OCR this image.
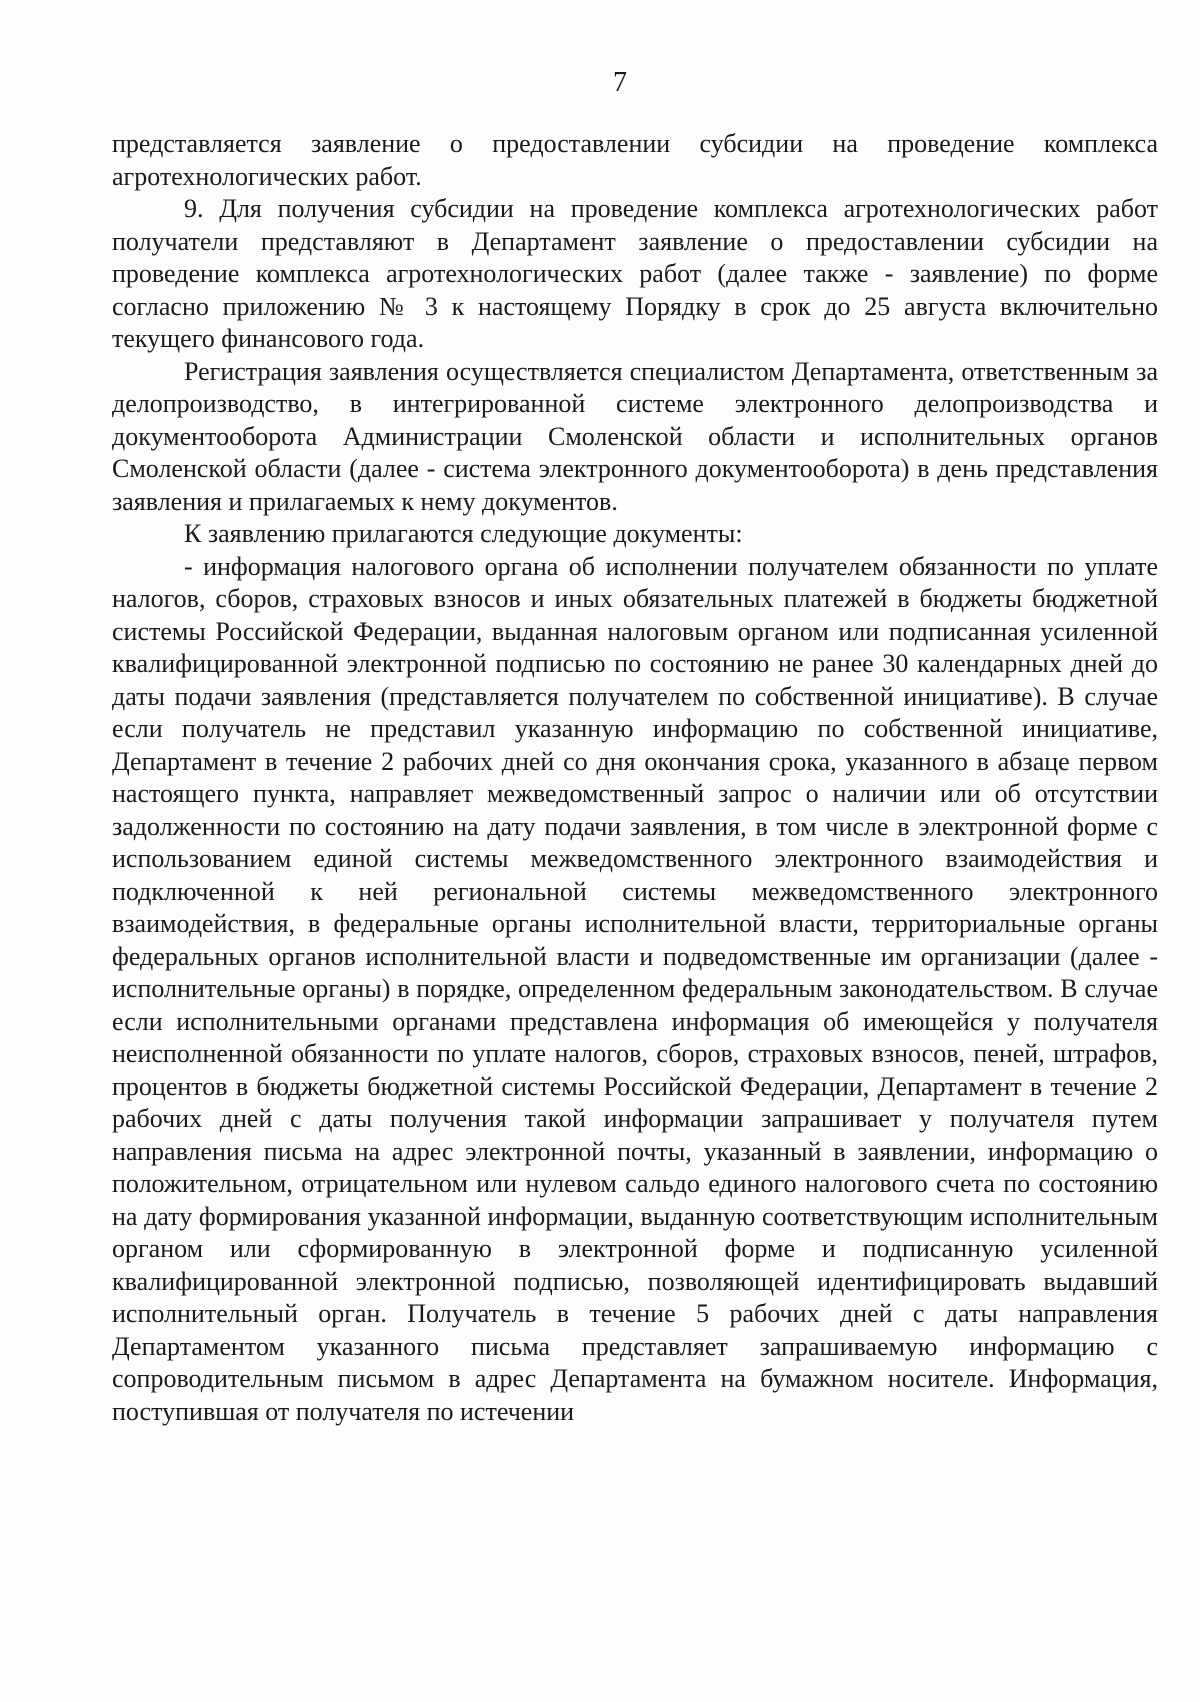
7

представляется заявление о предоставлении субсидии на проведение комплекса агротехнологических работ.

9. Для получения субсидии на проведение комплекса агротехнологических работ получатели представляют в Департамент заявление о предоставлении субсидии на проведение комплекса агротехнологических работ (далее также - заявление) по форме согласно приложению № 3 к настоящему Порядку в срок до 25 августа включительно текущего финансового года.

Регистрация заявления осуществляется специалистом Департамента, ответственным за делопроизводство, в интегрированной системе электронного делопроизводства и документооборота Администрации Смоленской области и исполнительных органов Смоленской области (далее - система электронного документооборота) в день представления заявления и прилагаемых к нему документов.

К заявлению прилагаются следующие документы:

- информация налогового органа об исполнении получателем обязанности по уплате налогов, сборов, страховых взносов и иных обязательных платежей в бюджеты бюджетной системы Российской Федерации, выданная налоговым органом или подписанная усиленной квалифицированной электронной подписью по состоянию не ранее 30 календарных дней до даты подачи заявления (представляется получателем по собственной инициативе). В случае если получатель не представил указанную информацию по собственной инициативе, Департамент в течение 2 рабочих дней со дня окончания срока, указанного в абзаце первом настоящего пункта, направляет межведомственный запрос о наличии или об отсутствии задолженности по состоянию на дату подачи заявления, в том числе в электронной форме с использованием единой системы межведомственного электронного взаимодействия и подключенной к ней региональной системы межведомственного электронного взаимодействия, в федеральные органы исполнительной власти, территориальные органы федеральных органов исполнительной власти и подведомственные им организации (далее - исполнительные органы) в порядке, определенном федеральным законодательством. В случае если исполнительными органами представлена информация об имеющейся у получателя неисполненной обязанности по уплате налогов, сборов, страховых взносов, пеней, штрафов, процентов в бюджеты бюджетной системы Российской Федерации, Департамент в течение 2 рабочих дней с даты получения такой информации запрашивает у получателя путем направления письма на адрес электронной почты, указанный в заявлении, информацию о положительном, отрицательном или нулевом сальдо единого налогового счета по состоянию на дату формирования указанной информации, выданную соответствующим исполнительным органом или сформированную в электронной форме и подписанную усиленной квалифицированной электронной подписью, позволяющей идентифицировать выдавший исполнительный орган. Получатель в течение 5 рабочих дней с даты направления Департаментом указанного письма представляет запрашиваемую информацию с сопроводительным письмом в адрес Департамента на бумажном носителе. Информация, поступившая от получателя по истечении
